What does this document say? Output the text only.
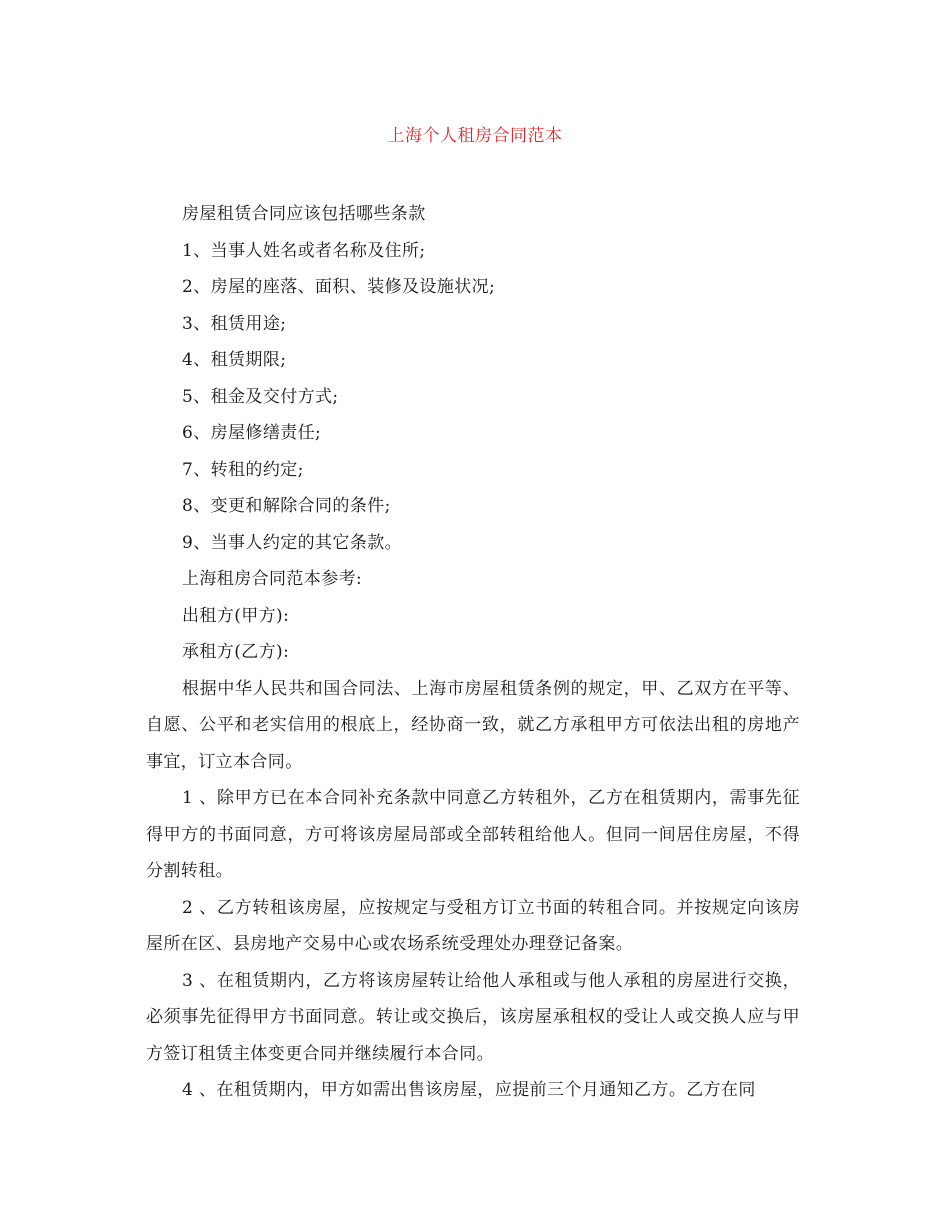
上海个人租房合同范本

房屋租赁合同应该包括哪些条款

1、当事人姓名或者名称及住所;

2、房屋的座落、面积、装修及设施状况;

3、租赁用途;

4、租赁期限;

5、租金及交付方式;

6、房屋修缮责任;

7、转租的约定;

8、变更和解除合同的条件;

9、当事人约定的其它条款。

上海租房合同范本参考:

出租方(甲方):

承租方(乙方):

根据中华人民共和国合同法、上海市房屋租赁条例的规定，甲、乙双方在平等、自愿、公平和老实信用的根底上，经协商一致，就乙方承租甲方可依法出租的房地产事宜，订立本合同。

1 、除甲方已在本合同补充条款中同意乙方转租外，乙方在租赁期内，需事先征得甲方的书面同意，方可将该房屋局部或全部转租给他人。但同一间居住房屋，不得分割转租。

2 、乙方转租该房屋，应按规定与受租方订立书面的转租合同。并按规定向该房屋所在区、县房地产交易中心或农场系统受理处办理登记备案。

3 、在租赁期内，乙方将该房屋转让给他人承租或与他人承租的房屋进行交换，必须事先征得甲方书面同意。转让或交换后，该房屋承租权的受让人或交换人应与甲方签订租赁主体变更合同并继续履行本合同。

4 、在租赁期内，甲方如需出售该房屋，应提前三个月通知乙方。乙方在同
